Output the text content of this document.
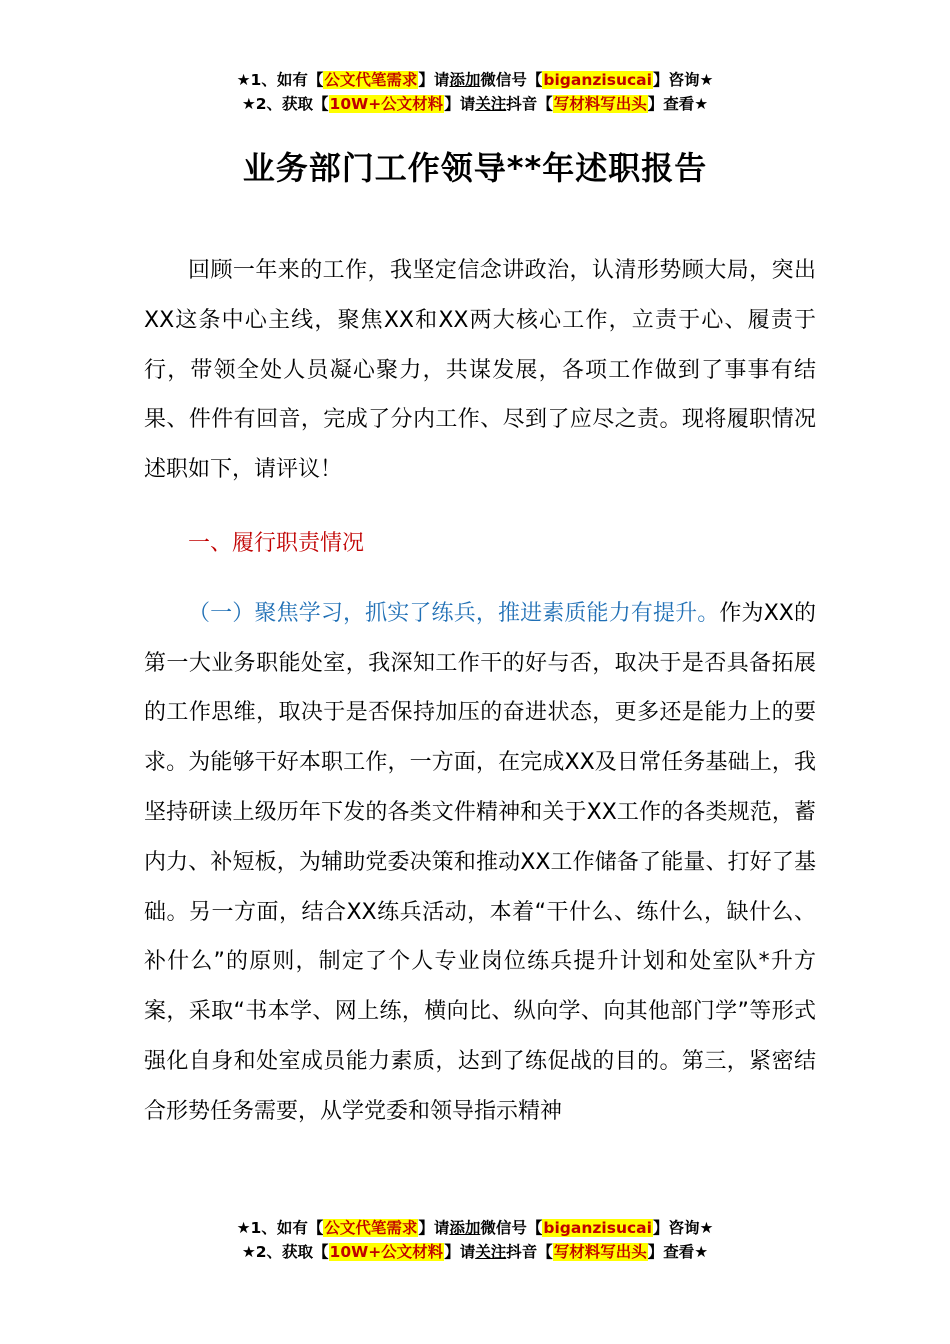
★1、如有【公文代笔需求】请添加微信号【biganzisucai】咨询★
★2、获取【10W+公文材料】请关注抖音【写材料写出头】查看★
业务部门工作领导**年述职报告

回顾一年来的工作，我坚定信念讲政治，认清形势顾大局，突出XX这条中心主线，聚焦XX和XX两大核心工作，立责于心、履责于行，带领全处人员凝心聚力，共谋发展，各项工作做到了事事有结果、件件有回音，完成了分内工作、尽到了应尽之责。现将履职情况述职如下，请评议！

一、履行职责情况

（一）聚焦学习，抓实了练兵，推进素质能力有提升。作为XX的第一大业务职能处室，我深知工作干的好与否，取决于是否具备拓展的工作思维，取决于是否保持加压的奋进状态，更多还是能力上的要求。为能够干好本职工作，一方面，在完成XX及日常任务基础上，我坚持研读上级历年下发的各类文件精神和关于XX工作的各类规范，蓄内力、补短板，为辅助党委决策和推动XX工作储备了能量、打好了基础。另一方面，结合XX练兵活动，本着“干什么、练什么，缺什么、补什么”的原则，制定了个人专业岗位练兵提升计划和处室队*升方案，采取“书本学、网上练，横向比、纵向学、向其他部门学”等形式强化自身和处室成员能力素质，达到了练促战的目的。第三，紧密结合形势任务需要，从学党委和领导指示精神

★1、如有【公文代笔需求】请添加微信号【biganzisucai】咨询★
★2、获取【10W+公文材料】请关注抖音【写材料写出头】查看★
